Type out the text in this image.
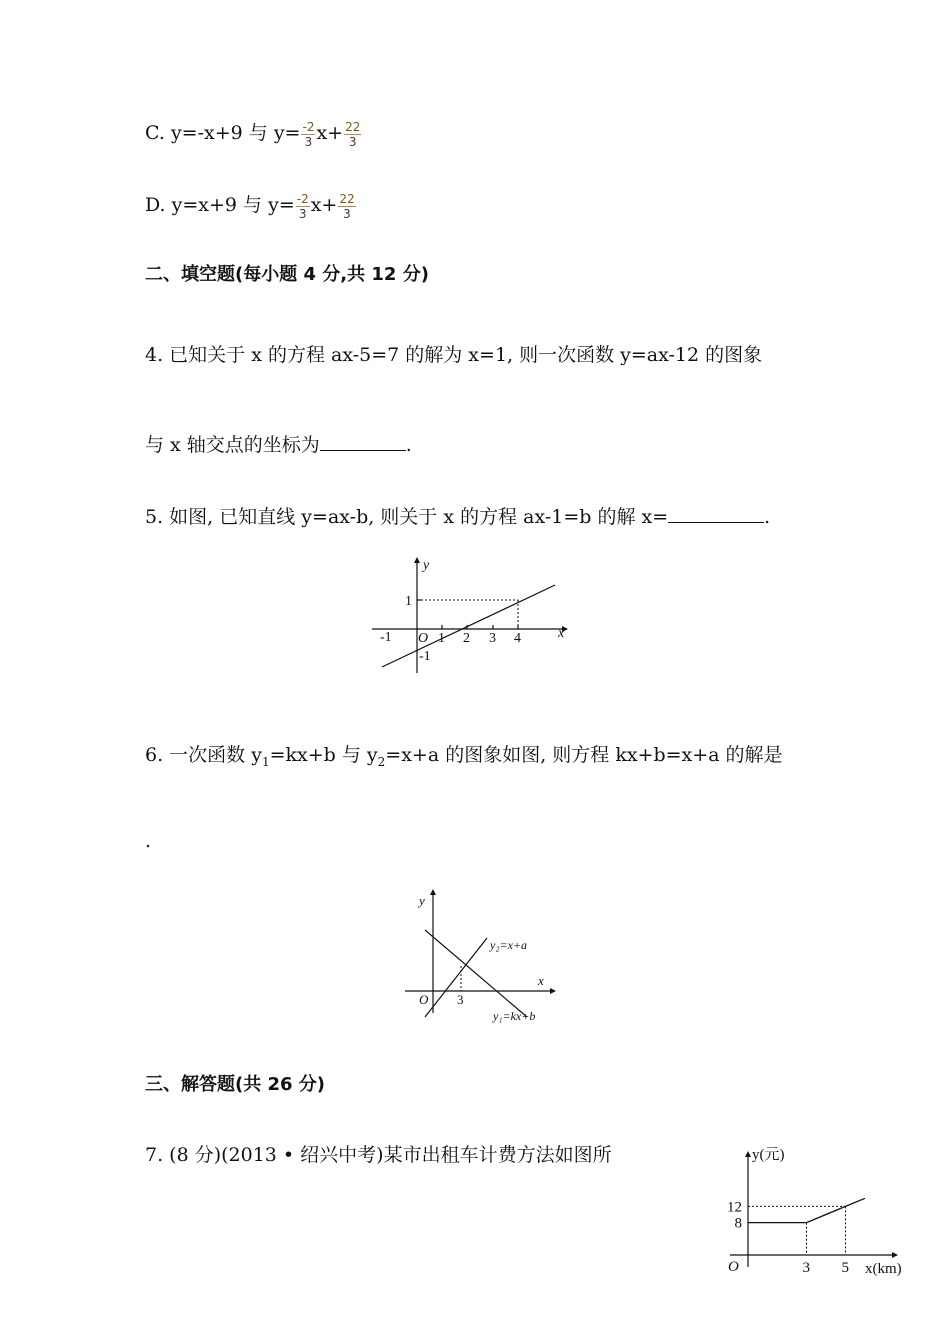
C. y=-x+9 与 $y= \frac{-2}{3} x+ \frac{22}{3}$
D. y=x+9 与 $y= \frac{-2}{3} x+ \frac{22}{3}$
二、填空题(每小题 4 分,共 12 分)
4. 已知关于 x 的方程 ax-5=7 的解为 x=1, 则一次函数 y=ax-12 的图象
与 x 轴交点的坐标为	.
5. 如图, 已知直线 y=ax-b, 则关于 x 的方程 ax-1=b 的解 x=	.
y
x
O
-1	1 2 3 4
1
-1
6. 一次函数 $y_1=kx+b$ 与 $y_2=x+a$ 的图象如图, 则方程 kx+b=x+a 的解是
.
y
x
O 3
y₂=x+a
y₁=kx+b
三、解答题(共 26 分)
7. (8 分)(2013 • 绍兴中考)某市出租车计费方法如图所
3 5
8
12
y(元)
x(km)
O
